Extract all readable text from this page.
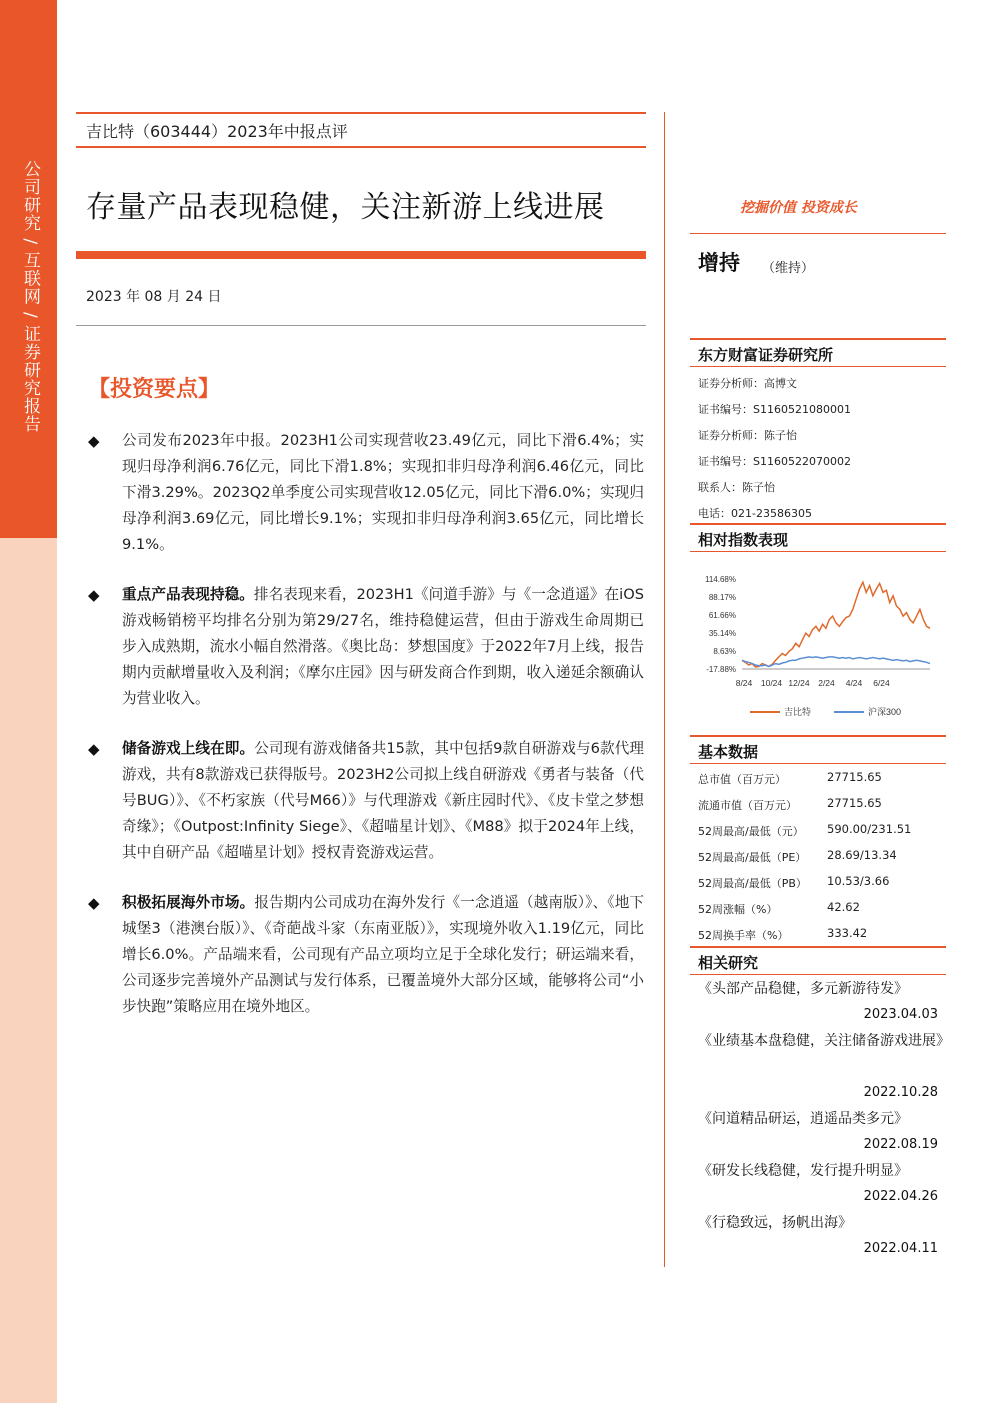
公司研究 / 互联网 / 证券研究报告
吉比特（603444）2023年中报点评
存量产品表现稳健，关注新游上线进展
2023 年 08 月 24 日
【投资要点】
◆ 公司发布2023年中报。2023H1公司实现营收23.49亿元，同比下滑6.4%；实现归母净利润6.76亿元，同比下滑1.8%；实现扣非归母净利润6.46亿元，同比下滑3.29%。2023Q2单季度公司实现营收12.05亿元，同比下滑6.0%；实现归母净利润3.69亿元，同比增长9.1%；实现扣非归母净利润3.65亿元，同比增长9.1%。
◆ 重点产品表现持稳。排名表现来看，2023H1《问道手游》与《一念逍遥》在iOS游戏畅销榜平均排名分别为第29/27名，维持稳健运营，但由于游戏生命周期已步入成熟期，流水小幅自然滑落。《奥比岛：梦想国度》于2022年7月上线，报告期内贡献增量收入及利润；《摩尔庄园》因与研发商合作到期，收入递延余额确认为营业收入。
◆ 储备游戏上线在即。公司现有游戏储备共15款，其中包括9款自研游戏与6款代理游戏，共有8款游戏已获得版号。2023H2公司拟上线自研游戏《勇者与装备（代号BUG）》、《不朽家族（代号M66）》与代理游戏《新庄园时代》、《皮卡堂之梦想奇缘》；《Outpost:Infinity Siege》、《超喵星计划》、《M88》拟于2024年上线，其中自研产品《超喵星计划》授权青瓷游戏运营。
◆ 积极拓展海外市场。报告期内公司成功在海外发行《一念逍遥（越南版）》、《地下城堡3（港澳台版）》、《奇葩战斗家（东南亚版）》，实现境外收入1.19亿元，同比增长6.0%。产品端来看，公司现有产品立项均立足于全球化发行；研运端来看，公司逐步完善境外产品测试与发行体系，已覆盖境外大部分区域，能够将公司“小步快跑”策略应用在境外地区。
挖掘价值 投资成长
增持 （维持）
东方财富证券研究所
证券分析师：高博文
证书编号：S1160521080001
证券分析师：陈子怡
证书编号：S1160522070002
联系人：陈子怡
电话：021-23586305
相对指数表现
114.68%
88.17%
61.66%
35.14%
8.63%
-17.88%
8/24 10/24 12/24 2/24 4/24 6/24
吉比特	沪深300
基本数据
总市值（百万元）	27715.65
流通市值（百万元）	27715.65
52周最高/最低（元） 590.00/231.51
52周最高/最低（PE） 28.69/13.34
52周最高/最低（PB） 10.53/3.66
52周涨幅（%）	42.62
52周换手率（%）	333.42
相关研究
《头部产品稳健，多元新游待发》
2023.04.03
《业绩基本盘稳健，关注储备游戏进展》
2022.10.28
《问道精品研运，逍遥品类多元》
2022.08.19
《研发长线稳健，发行提升明显》
2022.04.26
《行稳致远，扬帆出海》
2022.04.11
